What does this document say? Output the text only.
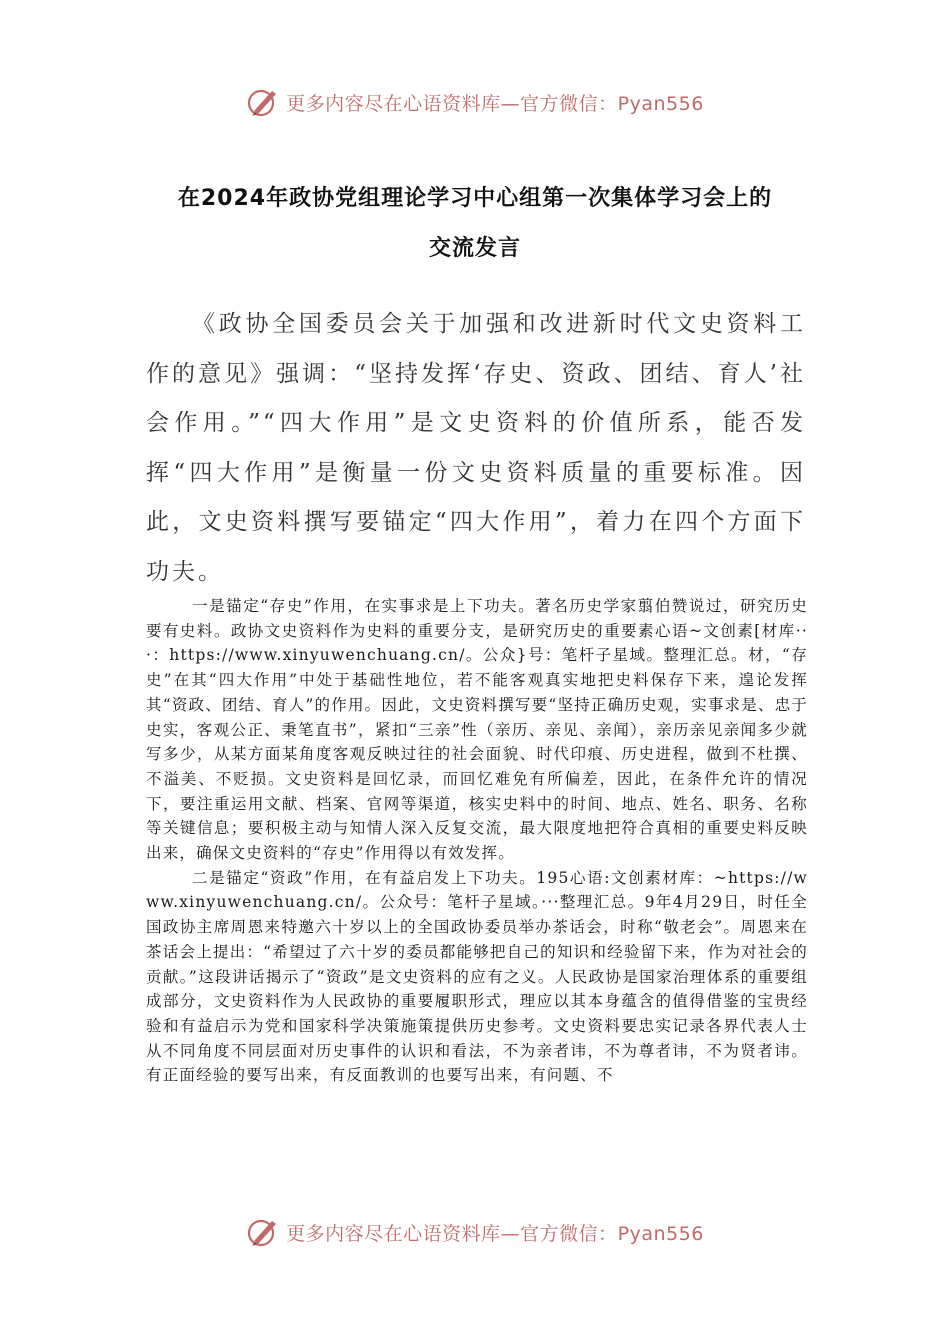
更多内容尽在心语资料库—官方微信：Pyan556
在2024年政协党组理论学习中心组第一次集体学习会上的
交流发言

《政协全国委员会关于加强和改进新时代文史资料工作的意见》强调：“坚持发挥‘存史、资政、团结、育人’社会作用。”“四大作用”是文史资料的价值所系，能否发挥“四大作用”是衡量一份文史资料质量的重要标准。因此，文史资料撰写要锚定“四大作用”，着力在四个方面下功夫。

一是锚定“存史”作用，在实事求是上下功夫。著名历史学家翦伯赞说过，研究历史要有史料。政协文史资料作为史料的重要分支，是研究历史的重要素心语~文创素[材库···：https://www.xinyuwenchuang.cn/。公众}号：笔杆子星域。整理汇总。材，“存史”在其“四大作用”中处于基础性地位，若不能客观真实地把史料保存下来，遑论发挥其“资政、团结、育人”的作用。因此，文史资料撰写要“坚持正确历史观，实事求是、忠于史实，客观公正、秉笔直书”，紧扣“三亲”性（亲历、亲见、亲闻），亲历亲见亲闻多少就写多少，从某方面某角度客观反映过往的社会面貌、时代印痕、历史进程，做到不杜撰、不溢美、不贬损。文史资料是回忆录，而回忆难免有所偏差，因此，在条件允许的情况下，要注重运用文献、档案、官网等渠道，核实史料中的时间、地点、姓名、职务、名称等关键信息；要积极主动与知情人深入反复交流，最大限度地把符合真相的重要史料反映出来，确保文史资料的“存史”作用得以有效发挥。

二是锚定“资政”作用，在有益启发上下功夫。195心语:文创素材库：~https://www.xinyuwenchuang.cn/。公众号：笔杆子星域。···整理汇总。9年4月29日，时任全国政协主席周恩来特邀六十岁以上的全国政协委员举办茶话会，时称“敬老会”。周恩来在茶话会上提出：“希望过了六十岁的委员都能够把自己的知识和经验留下来，作为对社会的贡献。”这段讲话揭示了“资政”是文史资料的应有之义。人民政协是国家治理体系的重要组成部分，文史资料作为人民政协的重要履职形式，理应以其本身蕴含的值得借鉴的宝贵经验和有益启示为党和国家科学决策施策提供历史参考。文史资料要忠实记录各界代表人士从不同角度不同层面对历史事件的认识和看法，不为亲者讳，不为尊者讳，不为贤者讳。有正面经验的要写出来，有反面教训的也要写出来，有问题、不

更多内容尽在心语资料库—官方微信：Pyan556
